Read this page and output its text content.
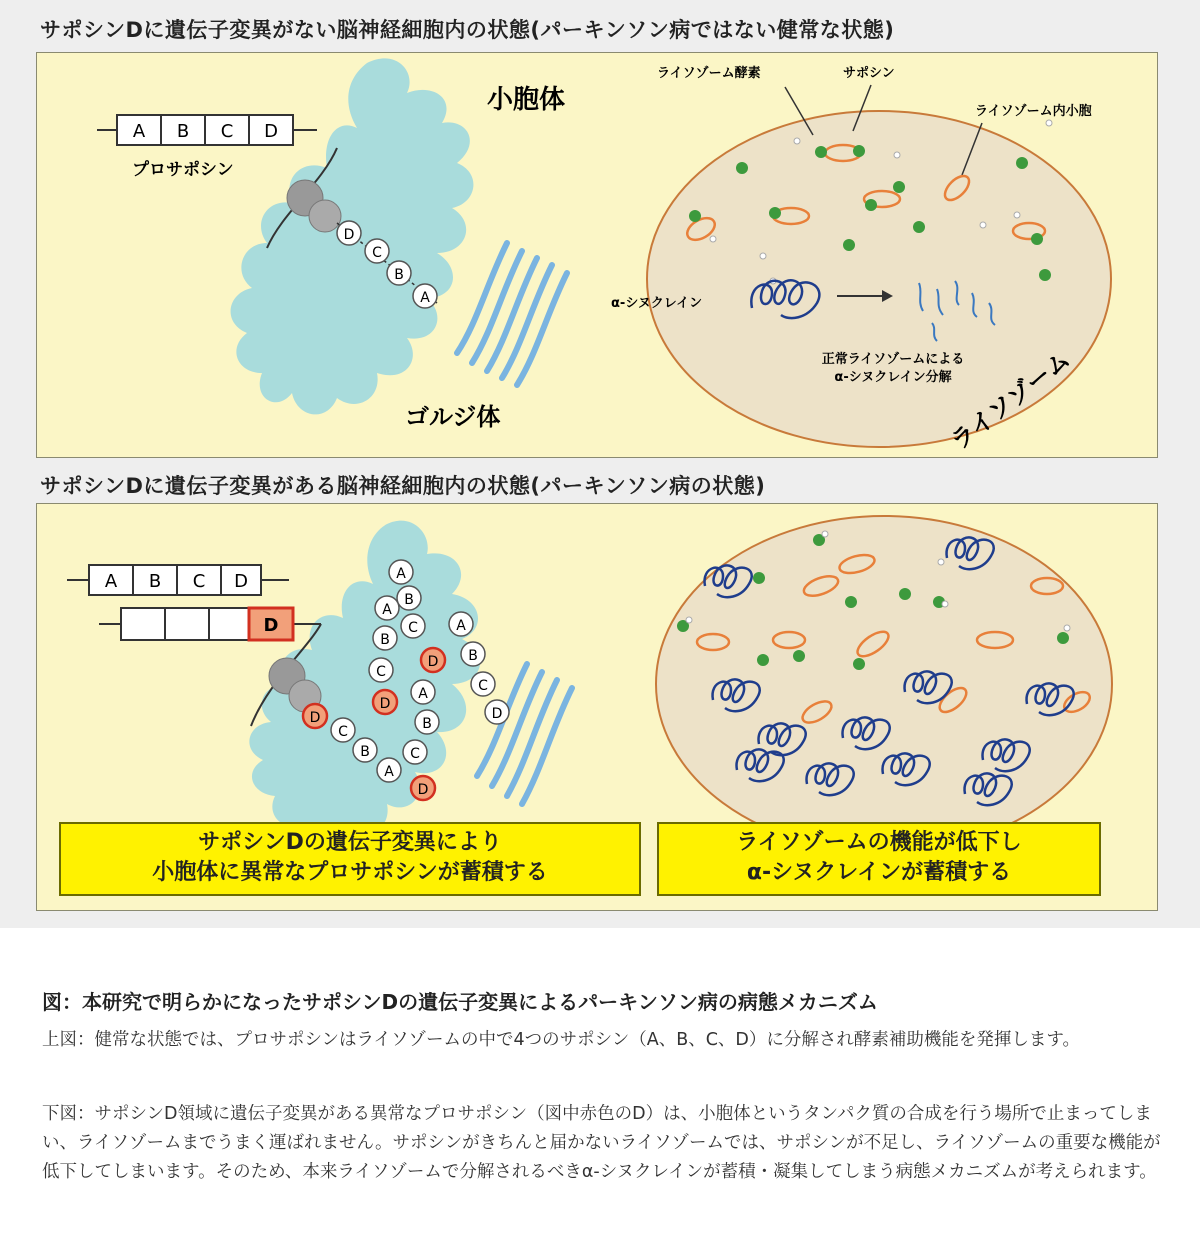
サポシンDに遺伝子変異がない脳神経細胞内の状態(パーキンソン病ではない健常な状態)
A B C D
プロサポシン
D
C
B
A
小胞体
ゴルジ体
ライソゾーム酵素	サポシン
ライソゾーム内小胞
α-シヌクレイン
正常ライソゾームによる
α-シヌクレイン分解
ライソゾーム
サポシンDに遺伝子変異がある脳神経細胞内の状態(パーキンソン病の状態)
A B C D
D
D
C
B
A
A
B
C
D
A
B
C
D
A
B
C
D
A
B
C
D
サポシンDの遺伝子変異により
小胞体に異常なプロサポシンが蓄積する
ライソゾームの機能が低下し
α-シヌクレインが蓄積する
図：本研究で明らかになったサポシンDの遺伝子変異によるパーキンソン病の病態メカニズム
上図：健常な状態では、プロサポシンはライソゾームの中で4つのサポシン（A、B、C、D）に分解され酵素補助機能を発揮します。
下図：サポシンD領域に遺伝子変異がある異常なプロサポシン（図中赤色のD）は、小胞体というタンパク質の合成を行う場所で止まってしまい、ライソゾームまでうまく運ばれません。サポシンがきちんと届かないライソゾームでは、サポシンが不足し、ライソゾームの重要な機能が低下してしまいます。そのため、本来ライソゾームで分解されるべきα-シヌクレインが蓄積・凝集してしまう病態メカニズムが考えられます。
